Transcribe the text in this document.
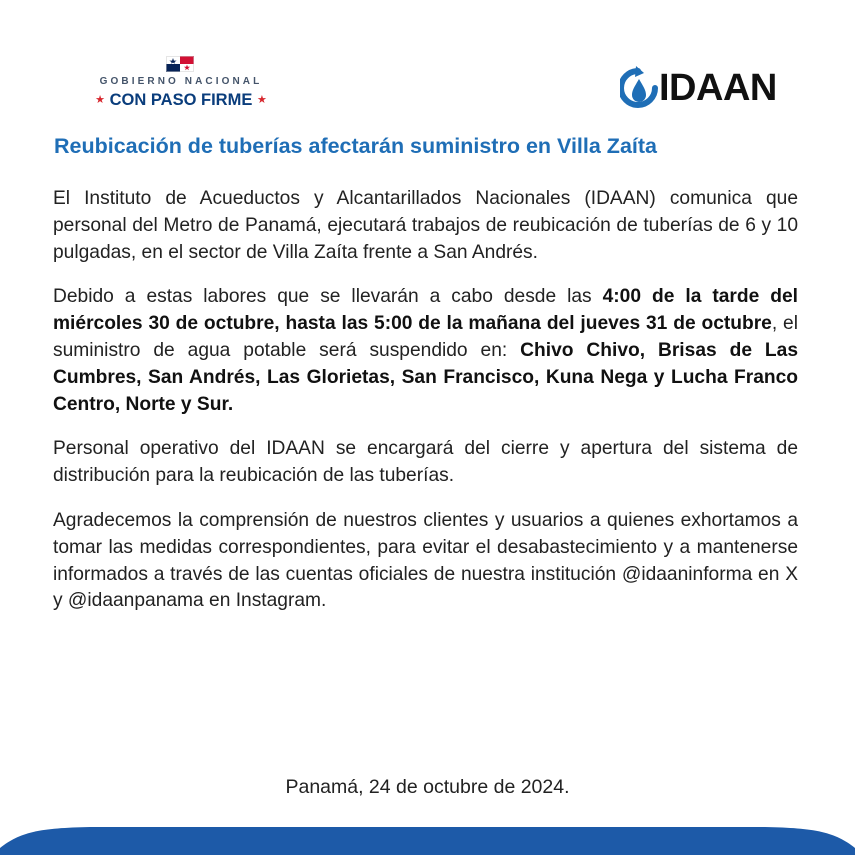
GOBIERNO NACIONAL
★ CON PASO FIRME ★	IDAAN
Reubicación de tuberías afectarán suministro en Villa Zaíta

El Instituto de Acueductos y Alcantarillados Nacionales (IDAAN) comunica que personal del Metro de Panamá, ejecutará trabajos de reubicación de tuberías de 6 y 10 pulgadas, en el sector de Villa Zaíta frente a San Andrés.

Debido a estas labores que se llevarán a cabo desde las 4:00 de la tarde del miércoles 30 de octubre, hasta las 5:00 de la mañana del jueves 31 de octubre, el suministro de agua potable será suspendido en: Chivo Chivo, Brisas de Las Cumbres, San Andrés, Las Glorietas, San Francisco, Kuna Nega y Lucha Franco Centro, Norte y Sur.

Personal operativo del IDAAN se encargará del cierre y apertura del sistema de distribución para la reubicación de las tuberías.

Agradecemos la comprensión de nuestros clientes y usuarios a quienes exhortamos a tomar las medidas correspondientes, para evitar el desabastecimiento y a mantenerse informados a través de las cuentas oficiales de nuestra institución @idaaninforma en X y @idaanpanama en Instagram.

Panamá, 24 de octubre de 2024.
